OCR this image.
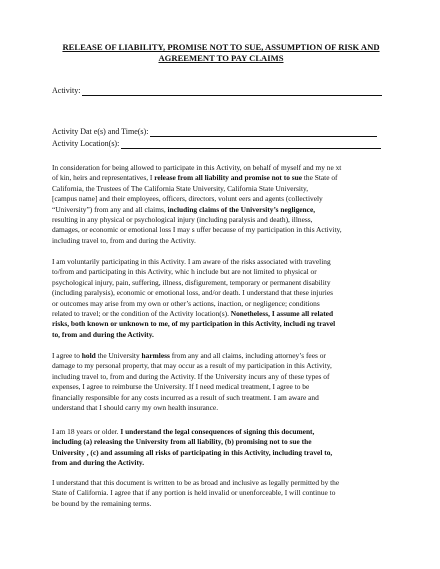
RELEASE OF LIABILITY, PROMISE NOT TO SUE, ASSUMPTION OF RISK AND
AGREEMENT TO PAY CLAIMS
Activity:
Activity Dat e(s) and Time(s):
Activity Location(s):

In consideration for being allowed to participate in this Activity, on behalf of myself and my ne xt
of kin, heirs and representatives, I release from all liability and promise not to sue the State of
California, the Trustees of The California State University, California State University,
[campus name] and their employees, officers, directors, volunt eers and agents (collectively
“University”) from any and all claims, including claims of the University’s negligence,
resulting in any physical or psychological injury (including paralysis and death), illness,
damages, or economic or emotional loss I may s uffer because of my participation in this Activity,
including travel to, from and during the Activity.

I am voluntarily participating in this Activity. I am aware of the risks associated with traveling
to/from and participating in this Activity, whic h include but are not limited to physical or
psychological injury, pain, suffering, illness, disfigurement, temporary or permanent disability
(including paralysis), economic or emotional loss, and/or death. I understand that these injuries
or outcomes may arise from my own or other’s actions, inaction, or negligence; conditions
related to travel; or the condition of the Activity location(s). Nonetheless, I assume all related
risks, both known or unknown to me, of my participation in this Activity, includi ng travel
to, from and during the Activity.

I agree to hold the University harmless from any and all claims, including attorney’s fees or
damage to my personal property, that may occur as a result of my participation in this Activity,
including travel to, from and during the Activity. If the University incurs any of these types of
expenses, I agree to reimburse the University. If I need medical treatment, I agree to be
financially responsible for any costs incurred as a result of such treatment. I am aware and
understand that I should carry my own health insurance.

I am 18 years or older. I understand the legal consequences of signing this document,
including (a) releasing the University from all liability, (b) promising not to sue the
University , (c) and assuming all risks of participating in this Activity, including travel to,
from and during the Activity.

I understand that this document is written to be as broad and inclusive as legally permitted by the
State of California. I agree that if any portion is held invalid or unenforceable, I will continue to
be bound by the remaining terms.
